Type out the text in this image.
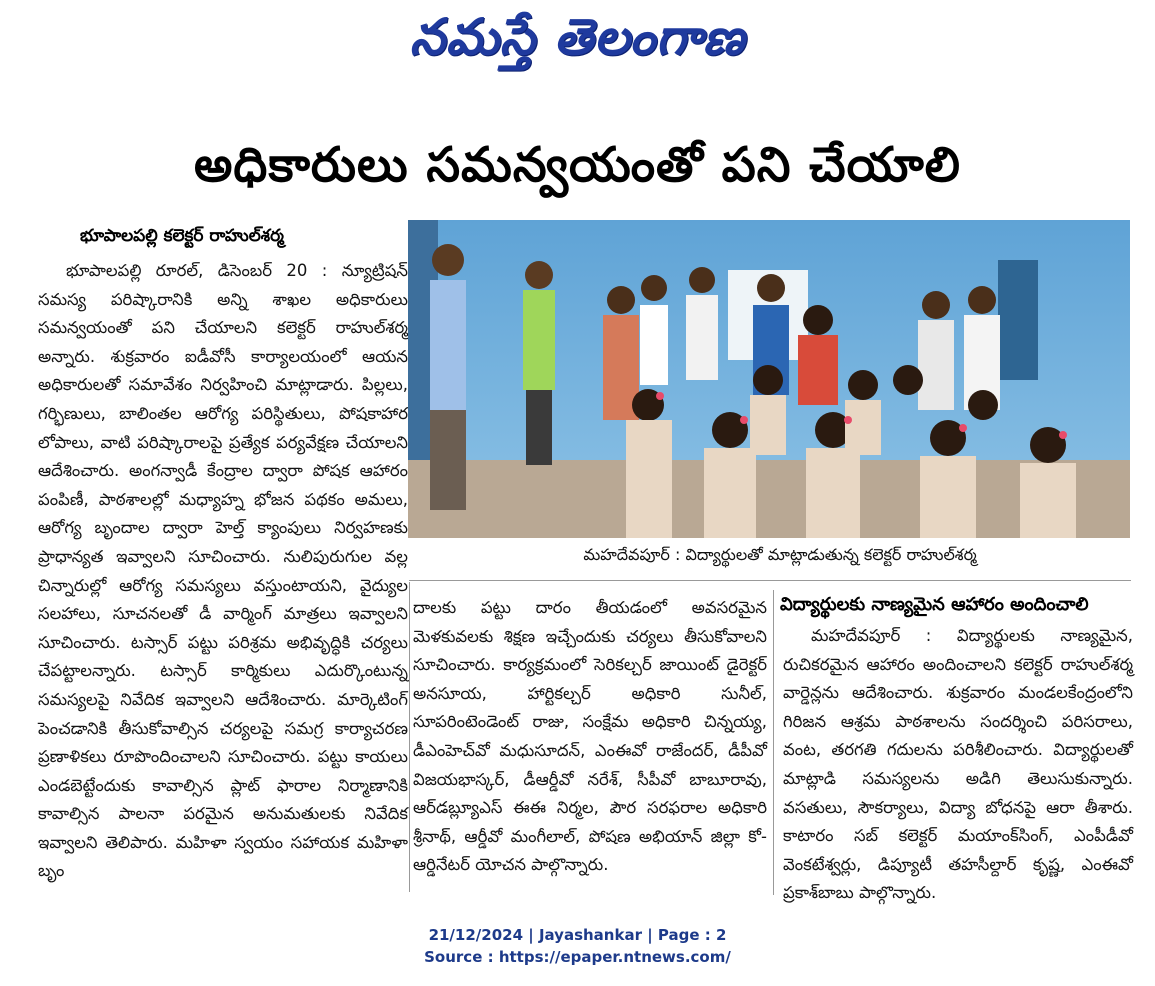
నమస్తే తెలంగాణ
అధికారులు సమన్వయంతో పని చేయాలి
భూపాలపల్లి కలెక్టర్ రాహుల్‌శర్మ

భూపాలపల్లి రూరల్, డిసెంబర్ 20 : న్యూట్రిషన్ సమస్య పరిష్కారానికి అన్ని శాఖల అధికారులు సమన్వయంతో పని చేయాలని కలెక్టర్ రాహుల్‌శర్మ అన్నారు. శుక్రవారం ఐడీవోసీ కార్యాలయంలో ఆయన అధికారులతో సమావేశం నిర్వహించి మాట్లాడారు. పిల్లలు, గర్భిణులు, బాలింతల ఆరోగ్య పరిస్థితులు, పోషకాహార లోపాలు, వాటి పరిష్కారాలపై ప్రత్యేక పర్యవేక్షణ చేయాలని ఆదేశించారు. అంగన్వాడీ కేంద్రాల ద్వారా పోషక ఆహారం పంపిణీ, పాఠశాలల్లో మధ్యాహ్న భోజన పథకం అమలు, ఆరోగ్య బృందాల ద్వారా హెల్త్ క్యాంపులు నిర్వహణకు ప్రాధాన్యత ఇవ్వాలని సూచించారు. నులిపురుగుల వల్ల చిన్నారుల్లో ఆరోగ్య సమస్యలు వస్తుంటాయని, వైద్యుల సలహాలు, సూచనలతో డీ వార్మింగ్ మాత్రలు ఇవ్వాలని సూచించారు. టస్సార్ పట్టు పరిశ్రమ అభివృద్ధికి చర్యలు చేపట్టాలన్నారు. టస్సార్ కార్మికులు ఎదుర్కొంటున్న సమస్యలపై నివేదిక ఇవ్వాలని ఆదేశించారు. మార్కెటింగ్ పెంచడానికి తీసుకోవాల్సిన చర్యలపై సమగ్ర కార్యాచరణ ప్రణాళికలు రూపొందించాలని సూచించారు. పట్టు కాయలు ఎండబెట్టేందుకు కావాల్సిన ప్లాట్ ఫారాల నిర్మాణానికి కావాల్సిన పాలనా పరమైన అనుమతులకు నివేదిక ఇవ్వాలని తెలిపారు. మహిళా స్వయం సహాయక మహిళా బృం

మహదేవపూర్ : విద్యార్థులతో మాట్లాడుతున్న కలెక్టర్ రాహుల్‌శర్మ

దాలకు పట్టు దారం తీయడంలో అవసరమైన మెళకువలకు శిక్షణ ఇచ్చేందుకు చర్యలు తీసుకోవాలని సూచించారు. కార్యక్రమంలో సెరికల్చర్ జాయింట్ డైరెక్టర్ అనసూయ, హార్టికల్చర్ అధికారి సునీల్, సూపరింటెండెంట్ రాజు, సంక్షేమ అధికారి చిన్నయ్య, డీఎంహెచ్‌వో మధుసూదన్, ఎంఈవో రాజేందర్, డీపీవో విజయభాస్కర్, డీఆర్డీవో నరేశ్, సీపీవో బాబూరావు, ఆర్‌డబ్ల్యూఎస్ ఈఈ నిర్మల, పౌర సరఫరాల అధికారి శ్రీనాథ్, ఆర్డీవో మంగీలాల్, పోషణ అభియాన్ జిల్లా కో- ఆర్డినేటర్ యోచన పాల్గొన్నారు.

విద్యార్థులకు నాణ్యమైన ఆహారం అందించాలి

మహదేవపూర్ : విద్యార్థులకు నాణ్యమైన, రుచికరమైన ఆహారం అందించాలని కలెక్టర్ రాహుల్‌శర్మ వార్డెన్లను ఆదేశించారు. శుక్రవారం మండలకేంద్రంలోని గిరిజన ఆశ్రమ పాఠశాలను సందర్శించి పరిసరాలు, వంట, తరగతి గదులను పరిశీలించారు. విద్యార్థులతో మాట్లాడి సమస్యలను అడిగి తెలుసుకున్నారు. వసతులు, సౌకర్యాలు, విద్యా బోధనపై ఆరా తీశారు. కాటారం సబ్ కలెక్టర్ మయాంక్‌సింగ్, ఎంపీడీవో వెంకటేశ్వర్లు, డిప్యూటీ తహసీల్దార్ కృష్ణ, ఎంఈవో ప్రకాశ్‌బాబు పాల్గొన్నారు.

21/12/2024 | Jayashankar | Page : 2
Source : https://epaper.ntnews.com/
